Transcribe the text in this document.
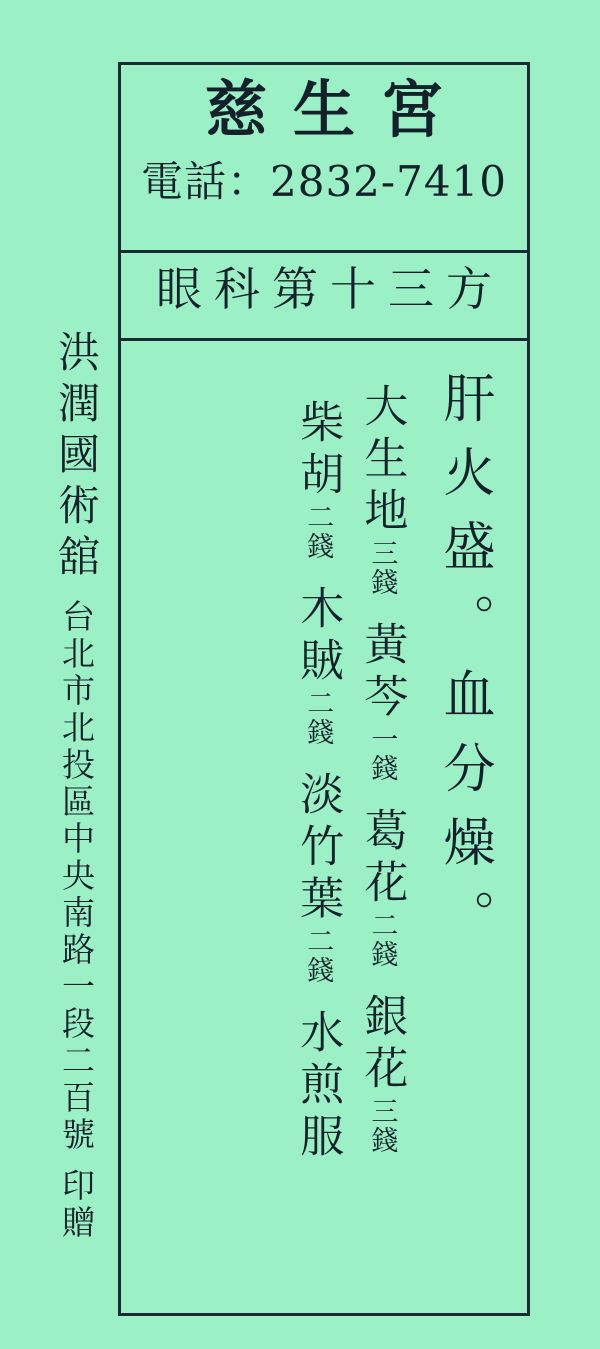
慈生宮
電話：2832-7410
眼科第十三方
肝火盛。血分燥。
大生地三錢　黃芩一錢　葛花二錢　銀花三錢
柴胡二錢　木賊二錢　淡竹葉二錢　水煎服
洪潤國術舘　台北市北投區中央南路一段二百號　印贈
